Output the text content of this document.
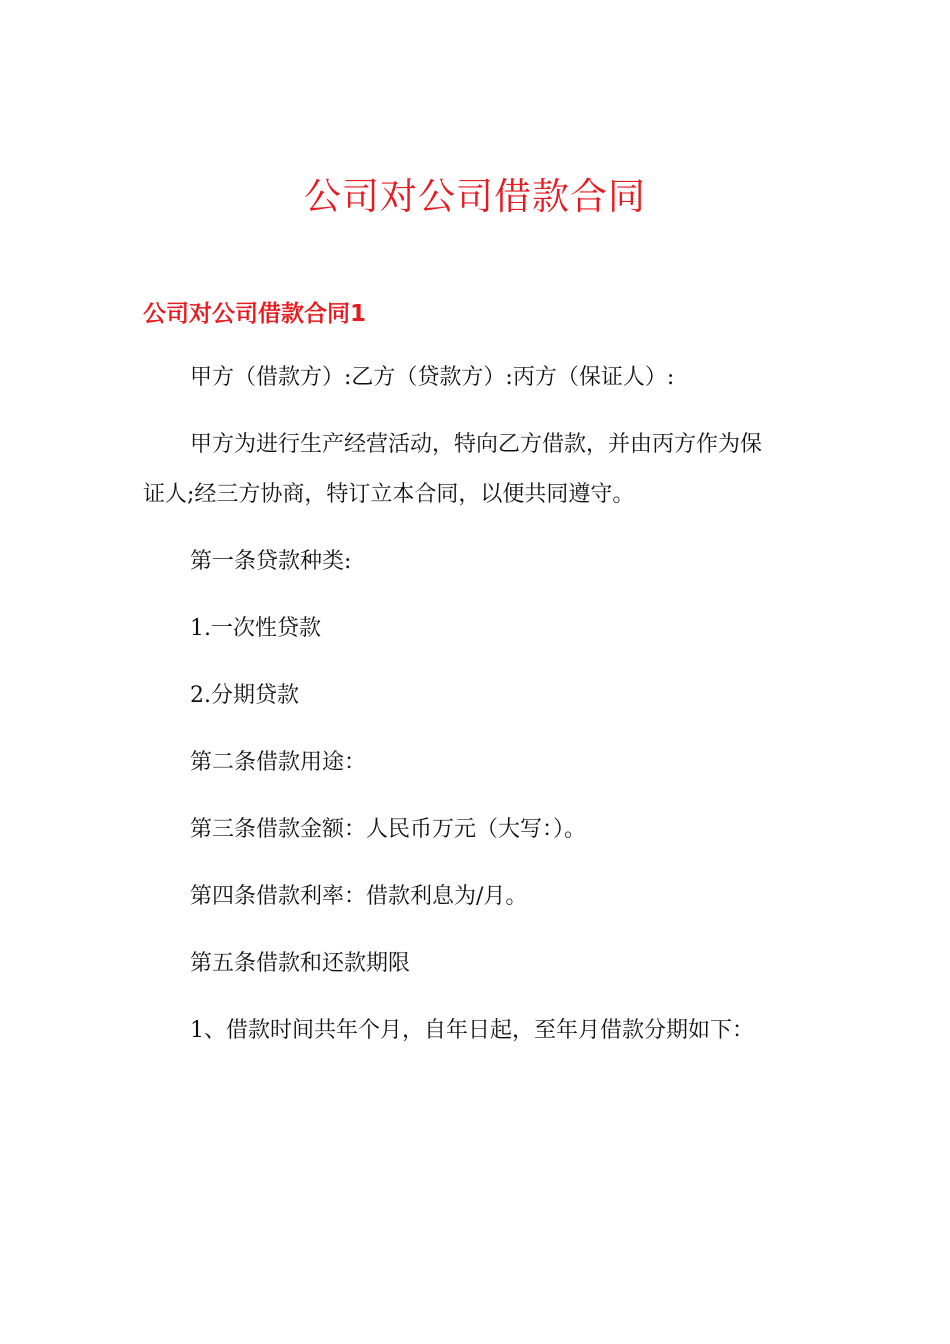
公司对公司借款合同
公司对公司借款合同1
甲方（借款方）:乙方（贷款方）:丙方（保证人）:
甲方为进行生产经营活动，特向乙方借款，并由丙方作为保
证人;经三方协商，特订立本合同，以便共同遵守。
第一条贷款种类:
1.一次性贷款
2.分期贷款
第二条借款用途：
第三条借款金额：人民币万元（大写：）。
第四条借款利率：借款利息为/月。
第五条借款和还款期限
1、借款时间共年个月，自年日起，至年月借款分期如下：
